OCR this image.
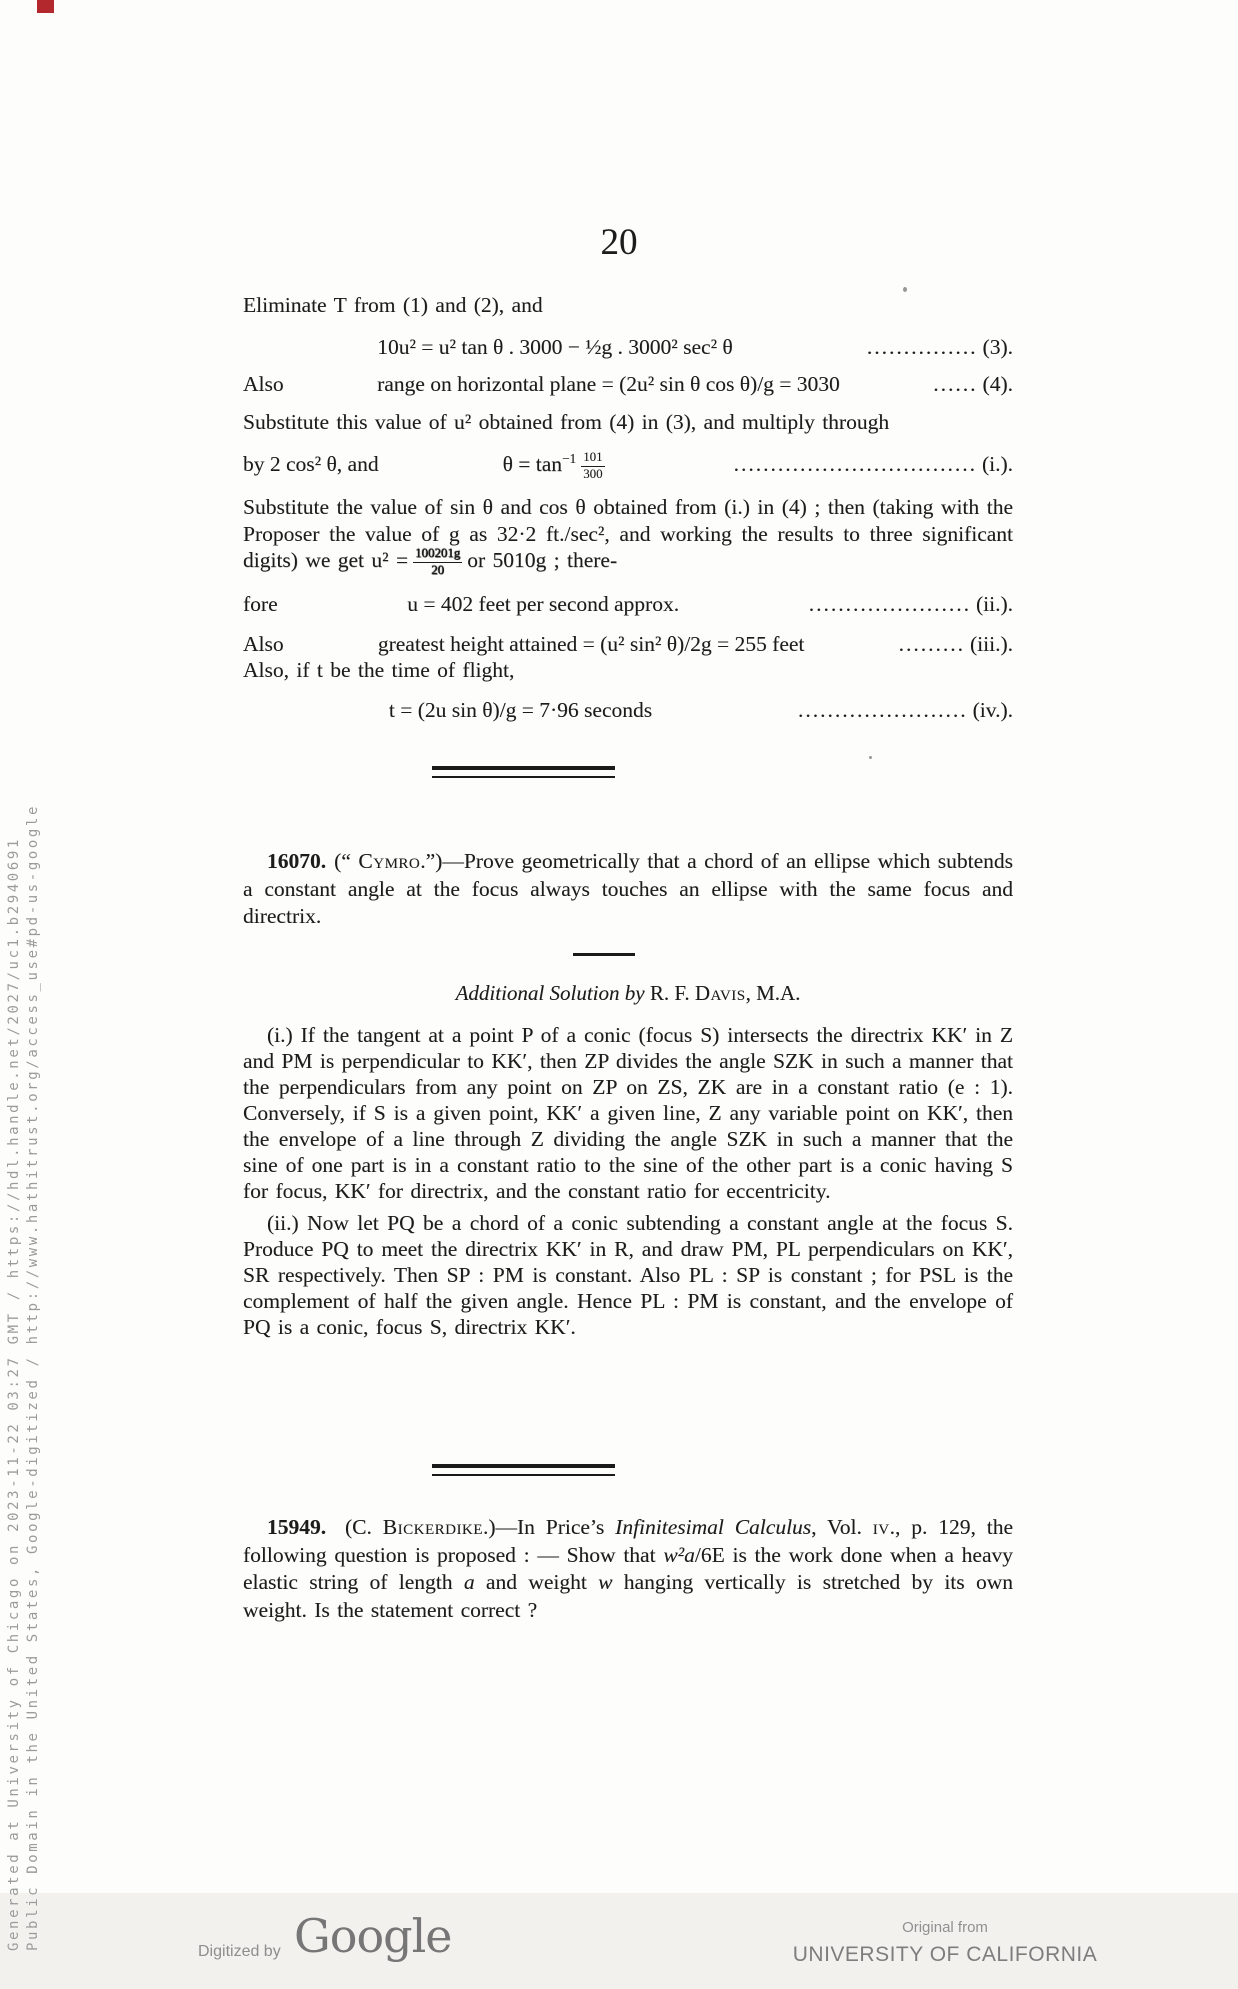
20

Eliminate T from (1) and (2), and

10u² = u² tan θ . 3000 − ½g . 3000² sec² θ	............... (3).
Also	range on horizontal plane = (2u² sin θ cos θ)/g = 3030	...... (4).

Substitute this value of u² obtained from (4) in (3), and multiply through

by 2 cos² θ, and	$\theta = \tan^{-1} \frac{101}{300}$	................................. (i.).

Substitute the value of sin θ and cos θ obtained from (i.) in (4) ; then (taking with the Proposer the value of g as 32·2 ft./sec², and working the results to three significant digits) we get $u^2 = \frac{100201g}{20}$ or 5010g ; there-

fore	u = 402 feet per second approx.	...................... (ii.).
Also	greatest height attained = (u² sin² θ)/2g = 255 feet	......... (iii.).

Also, if t be the time of flight,

t = (2u sin θ)/g = 7·96 seconds	....................... (iv.).

16070. (“ Cymro.”)—Prove geometrically that a chord of an ellipse which subtends a constant angle at the focus always touches an ellipse with the same focus and directrix.

Additional Solution by R. F. Davis, M.A.

(i.) If the tangent at a point P of a conic (focus S) intersects the directrix KK′ in Z and PM is perpendicular to KK′, then ZP divides the angle SZK in such a manner that the perpendiculars from any point on ZP on ZS, ZK are in a constant ratio (e : 1). Conversely, if S is a given point, KK′ a given line, Z any variable point on KK′, then the envelope of a line through Z dividing the angle SZK in such a manner that the sine of one part is in a constant ratio to the sine of the other part is a conic having S for focus, KK′ for directrix, and the constant ratio for eccentricity.

(ii.) Now let PQ be a chord of a conic subtending a constant angle at the focus S. Produce PQ to meet the directrix KK′ in R, and draw PM, PL perpendiculars on KK′, SR respectively. Then SP : PM is constant. Also PL : SP is constant ; for PSL is the complement of half the given angle. Hence PL : PM is constant, and the envelope of PQ is a conic, focus S, directrix KK′.

15949. (C. Bickerdike.)—In Price’s Infinitesimal Calculus, Vol. iv., p. 129, the following question is proposed : — Show that w²a/6E is the work done when a heavy elastic string of length a and weight w hanging vertically is stretched by its own weight. Is the statement correct ?

Generated at University of Chicago on 2023-11-22 03:27 GMT / https://hdl.handle.net/2027/uc1.b2940691 Public Domain in the United States, Google-digitized / http://www.hathitrust.org/access_use#pd-us-google
Digitized by Google	Original from
UNIVERSITY OF CALIFORNIA
